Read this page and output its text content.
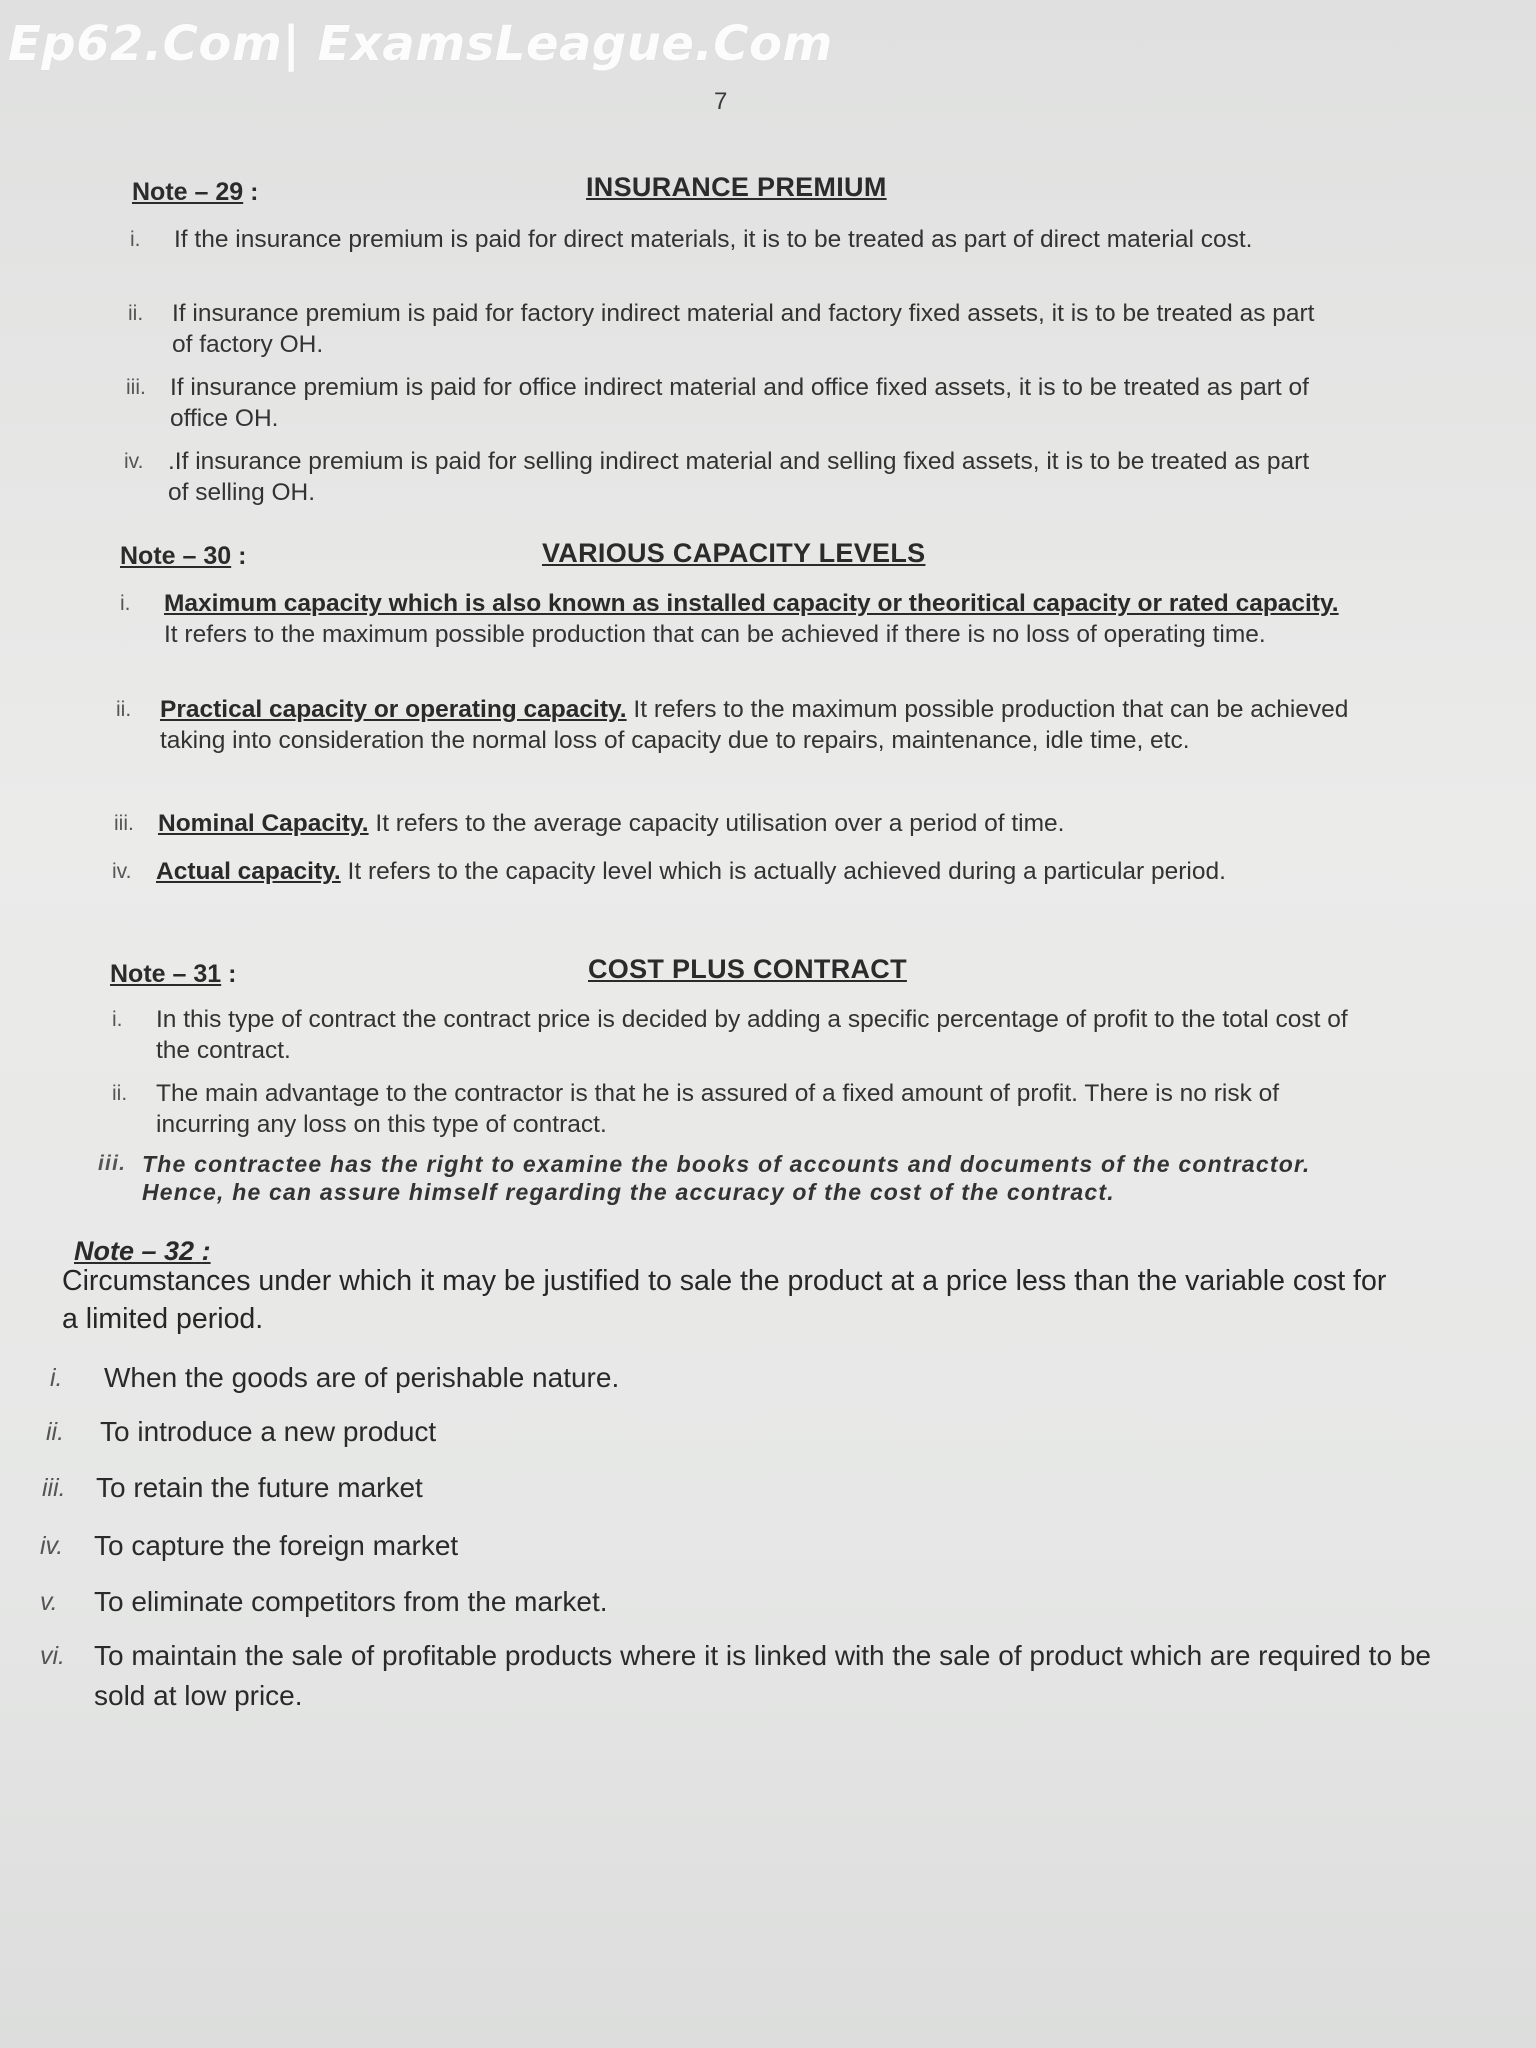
Ep62.Com| ExamsLeague.Com
7
Note – 29 :	INSURANCE PREMIUM
i. If the insurance premium is paid for direct materials, it is to be treated as part of direct material cost.
ii. If insurance premium is paid for factory indirect material and factory fixed assets, it is to be treated as part of factory OH.
iii. If insurance premium is paid for office indirect material and office fixed assets, it is to be treated as part of office OH.
iv. .If insurance premium is paid for selling indirect material and selling fixed assets, it is to be treated as part of selling OH.
Note – 30 :	VARIOUS CAPACITY LEVELS
i. Maximum capacity which is also known as installed capacity or theoritical capacity or rated capacity. It refers to the maximum possible production that can be achieved if there is no loss of operating time.
ii. Practical capacity or operating capacity. It refers to the maximum possible production that can be achieved taking into consideration the normal loss of capacity due to repairs, maintenance, idle time, etc.
iii. Nominal Capacity. It refers to the average capacity utilisation over a period of time.
iv. Actual capacity. It refers to the capacity level which is actually achieved during a particular period.
Note – 31 :	COST PLUS CONTRACT
i. In this type of contract the contract price is decided by adding a specific percentage of profit to the total cost of the contract.
ii. The main advantage to the contractor is that he is assured of a fixed amount of profit. There is no risk of incurring any loss on this type of contract.
iii. The contractee has the right to examine the books of accounts and documents of the contractor. Hence, he can assure himself regarding the accuracy of the cost of the contract.
Note – 32 :
Circumstances under which it may be justified to sale the product at a price less than the variable cost for a limited period.
i. When the goods are of perishable nature.
ii. To introduce a new product
iii. To retain the future market
iv. To capture the foreign market
v. To eliminate competitors from the market.
vi. To maintain the sale of profitable products where it is linked with the sale of product which are required to be sold at low price.
